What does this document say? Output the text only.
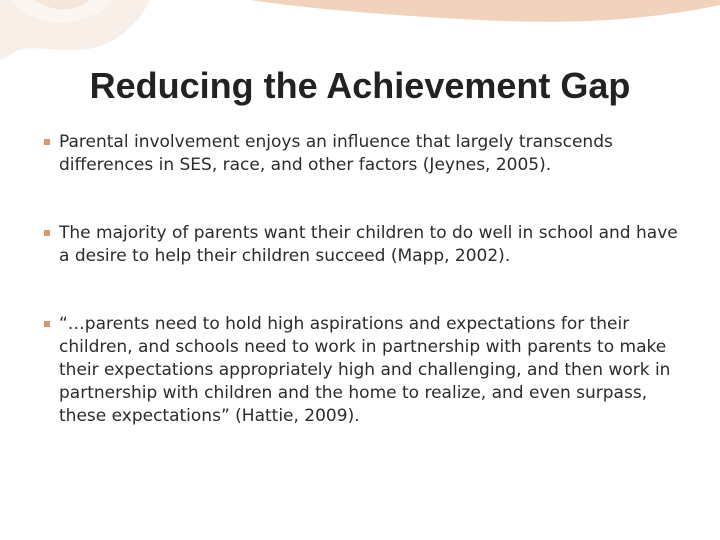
Reducing the Achievement Gap
Parental involvement enjoys an influence that largely transcends differences in SES, race, and other factors (Jeynes, 2005).
The majority of parents want their children to do well in school and have a desire to help their children succeed (Mapp, 2002).
“…parents need to hold high aspirations and expectations for their children, and schools need to work in partnership with parents to make their expectations appropriately high and challenging, and then work in partnership with children and the home to realize, and even surpass, these expectations” (Hattie, 2009).
